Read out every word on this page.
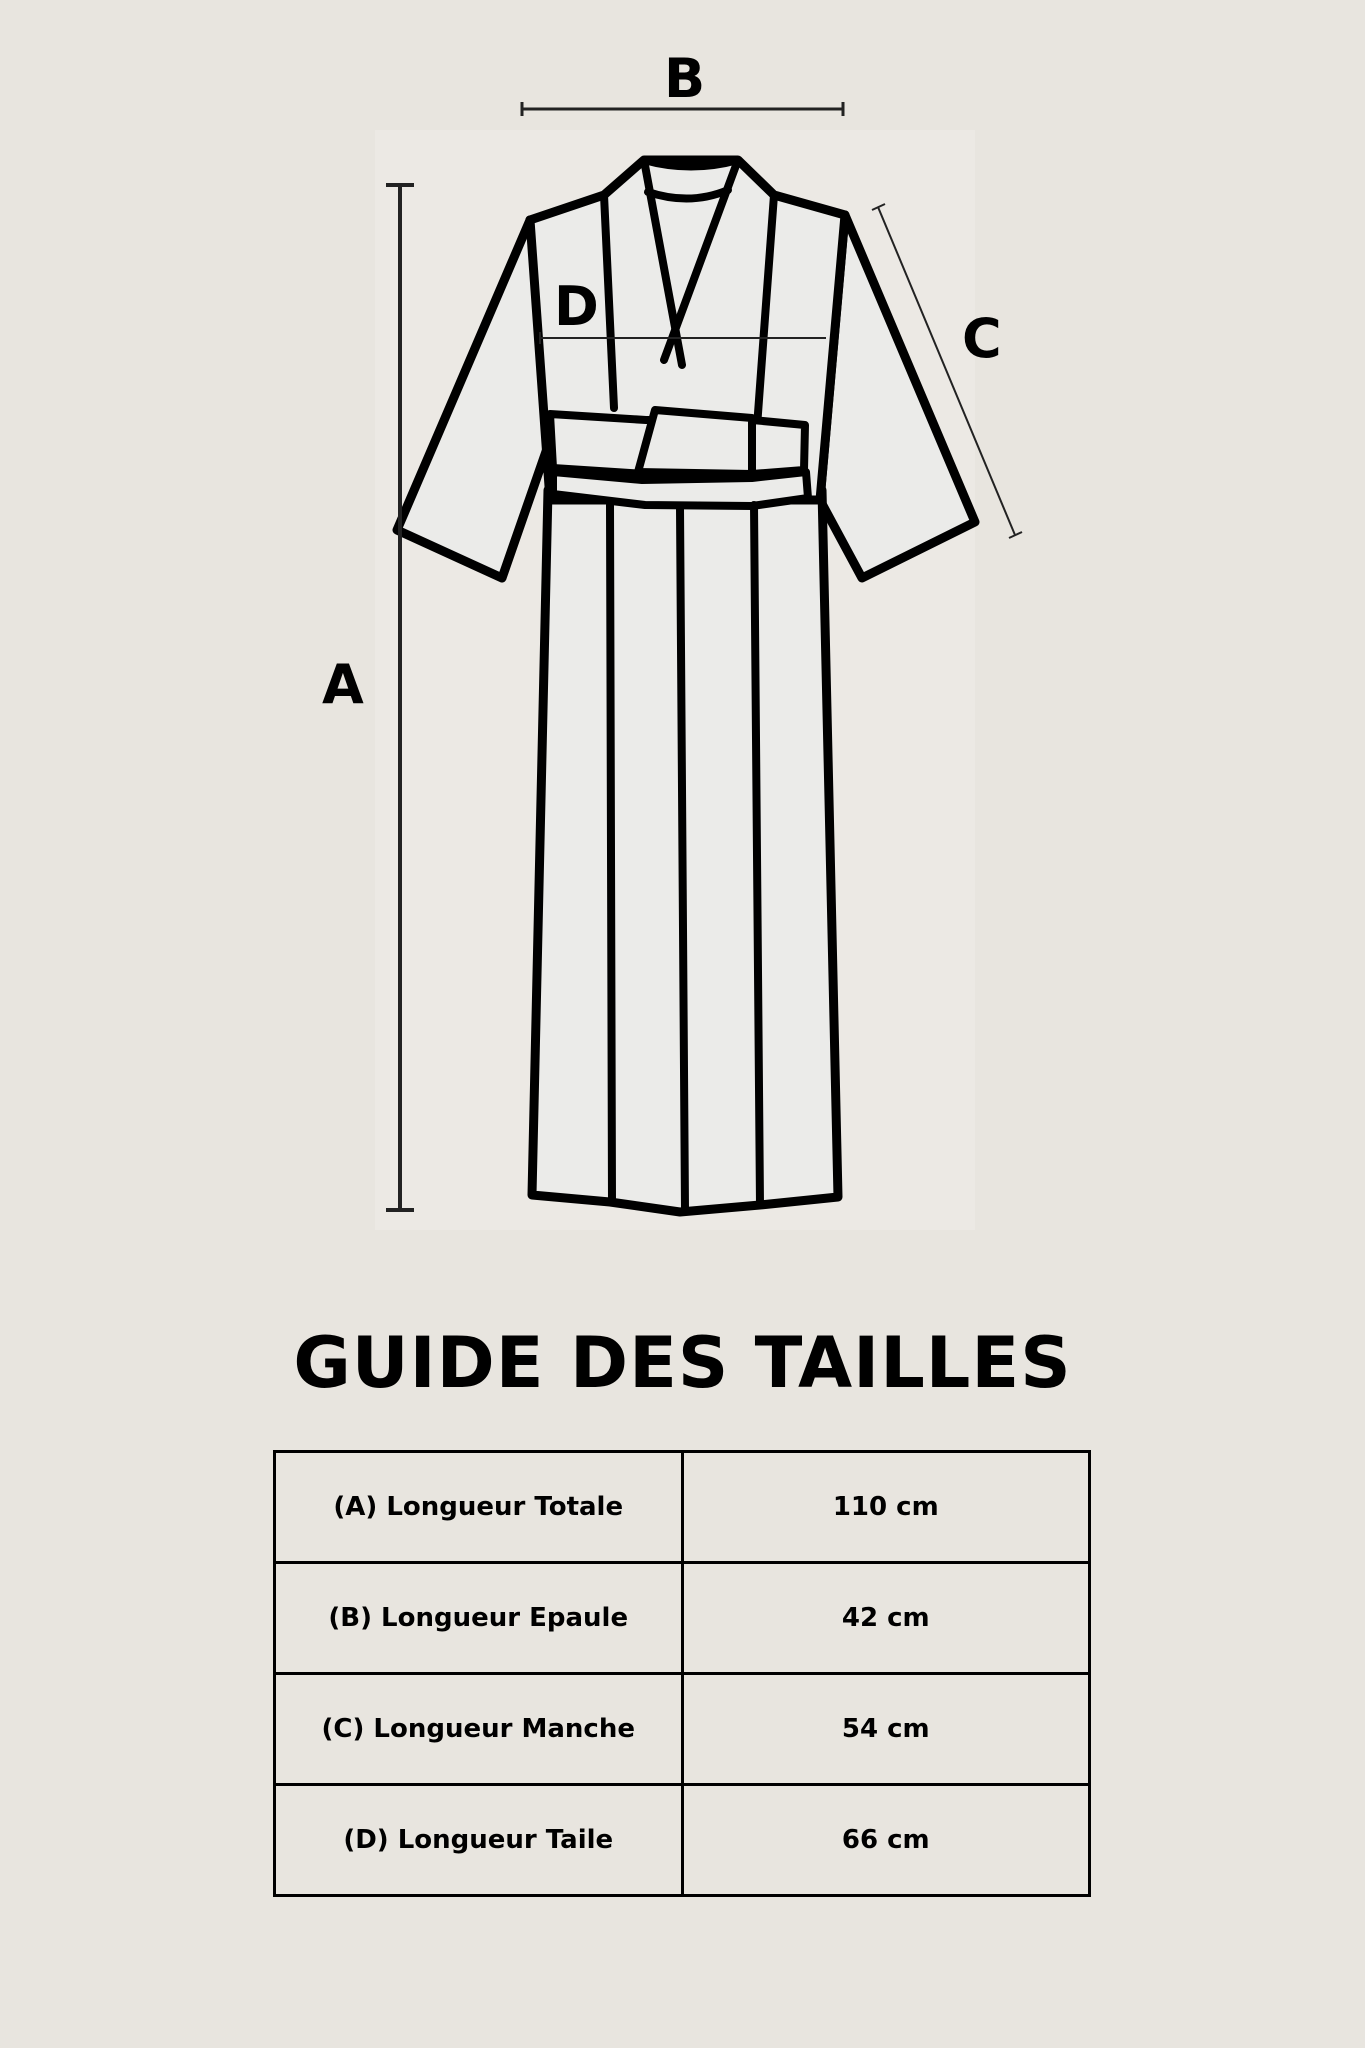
A
B
C
D
GUIDE DES TAILLES
(A) Longueur Totale	110 cm
(B) Longueur Epaule	42 cm
(C) Longueur Manche	54 cm
(D) Longueur Taile	66 cm
